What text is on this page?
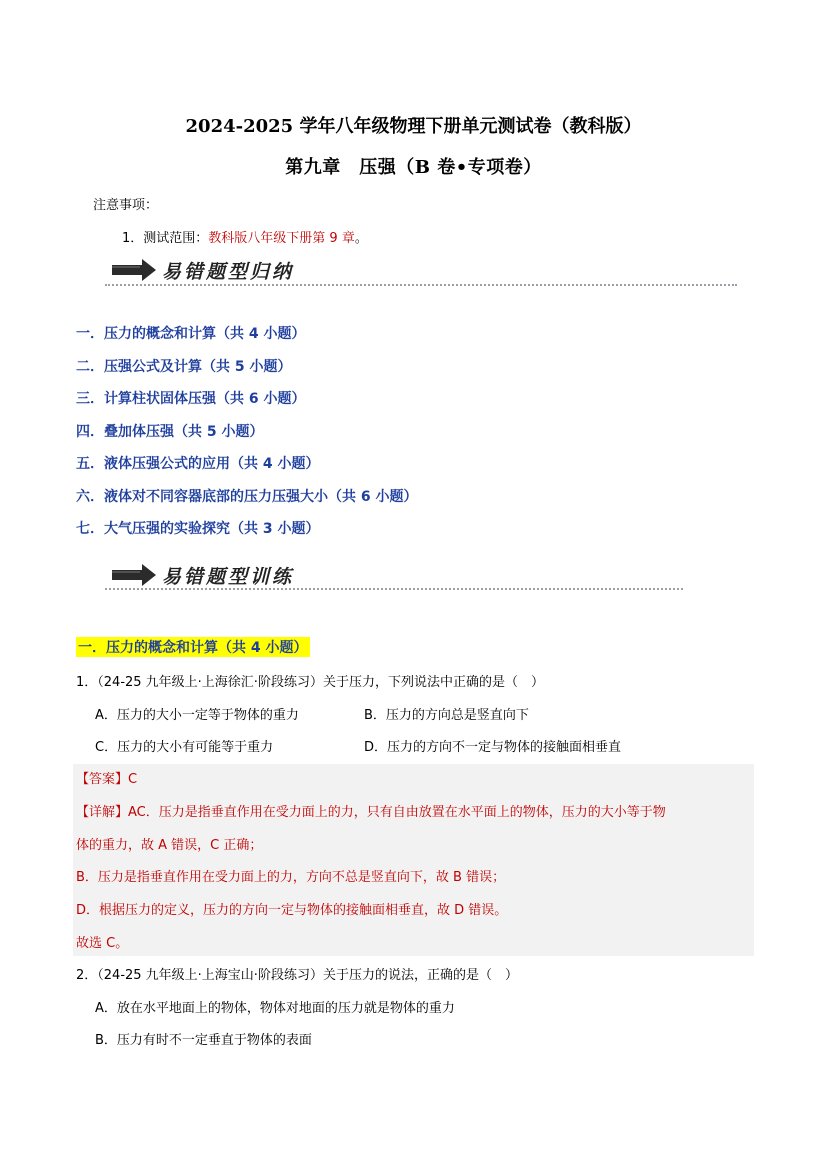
2024-2025 学年八年级物理下册单元测试卷（教科版）
第九章　压强（B 卷•专项卷）
注意事项：
1．测试范围：教科版八年级下册第 9 章。
易错题型归纳
一．压力的概念和计算（共 4 小题）
二．压强公式及计算（共 5 小题）
三．计算柱状固体压强（共 6 小题）
四．叠加体压强（共 5 小题）
五．液体压强公式的应用（共 4 小题）
六．液体对不同容器底部的压力压强大小（共 6 小题）
七．大气压强的实验探究（共 3 小题）
易错题型训练
一．压力的概念和计算（共 4 小题）
1．（24-25 九年级上·上海徐汇·阶段练习）关于压力，下列说法中正确的是（　）
A．压力的大小一定等于物体的重力	B．压力的方向总是竖直向下
C．压力的大小有可能等于重力	D．压力的方向不一定与物体的接触面相垂直
【答案】C
【详解】AC．压力是指垂直作用在受力面上的力，只有自由放置在水平面上的物体，压力的大小等于物
体的重力，故 A 错误，C 正确；
B．压力是指垂直作用在受力面上的力，方向不总是竖直向下，故 B 错误；
D．根据压力的定义，压力的方向一定与物体的接触面相垂直，故 D 错误。
故选 C。
2．（24-25 九年级上·上海宝山·阶段练习）关于压力的说法，正确的是（　）
A．放在水平地面上的物体，物体对地面的压力就是物体的重力
B．压力有时不一定垂直于物体的表面
